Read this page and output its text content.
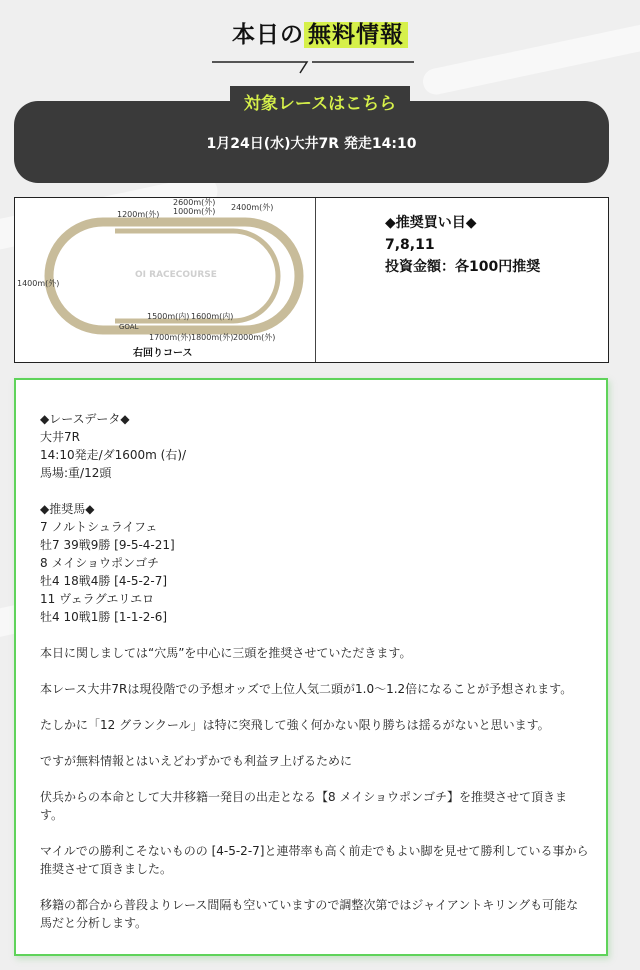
本日の 無料情報
対象レースはこちら
1月24日(水)大井7R 発走14:10
OI RACECOURSE
1200m(外)
2600m(外)
1000m(外) 2400m(外)
1400m(外)
1500m(内) 1600m(内)
GOAL
1700m(外) 1800m(外) 2000m(外)
右回りコース
◆推奨買い目◆
7,8,11
投資金額：各100円推奨

◆レースデータ◆
大井7R
14:10発走/ダ1600m (右)/
馬場:重/12頭

◆推奨馬◆
7 ノルトシュライフェ
牡7 39戦9勝 [9-5-4-21]
8 メイショウポンゴチ
牡4 18戦4勝 [4-5-2-7]
11 ヴェラグエリエロ
牡4 10戦1勝 [1-1-2-6]

本日に関しましては“穴馬”を中心に三頭を推奨させていただきます。

本レース大井7Rは現役階での予想オッズで上位人気二頭が1.0〜1.2倍になることが予想されます。

たしかに「12 グランクール」は特に突飛して強く何かない限り勝ちは揺るがないと思います。

ですが無料情報とはいえどわずかでも利益ヲ上げるために

伏兵からの本命として大井移籍一発目の出走となる【8 メイショウポンゴチ】を推奨させて頂きま
す。

マイルでの勝利こそないものの [4-5-2-7]と連帯率も高く前走でもよい脚を見せて勝利している事から
推奨させて頂きました。

移籍の都合から普段よりレース間隔も空いていますので調整次第ではジャイアントキリングも可能な
馬だと分析します。
